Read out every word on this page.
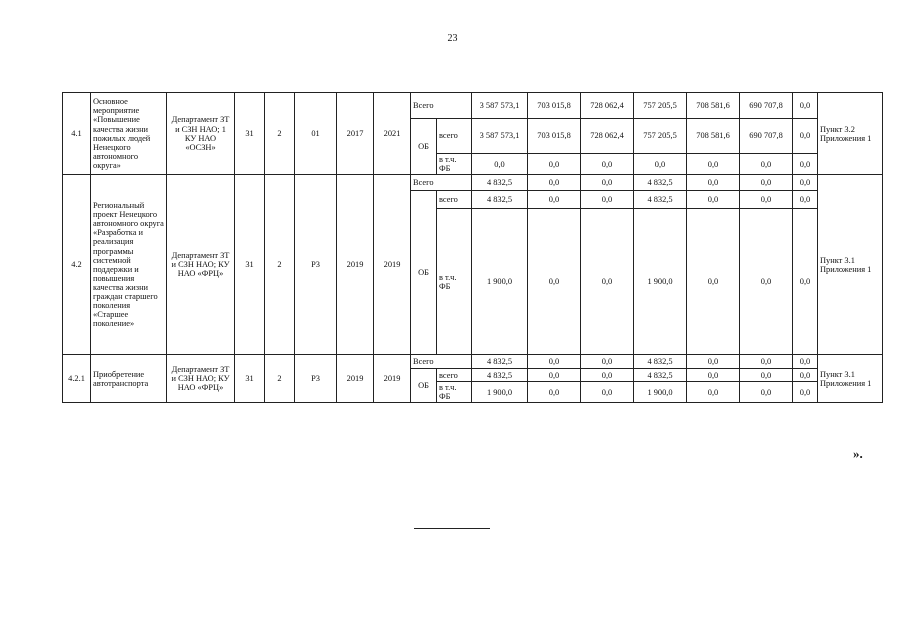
23
4.1	Основное мероприятие «Повышение качества жизни пожилых людей Ненецкого автономного округа»	Департамент ЗТ и СЗН НАО; 1 КУ НАО «ОСЗН»	31	2	01	2017	2021	Всего		3 587 573,1	703 015,8	728 062,4	757 205,5	708 581,6	690 707,8	0,0	Пункт 3.2 Приложения 1
								ОБ	всего	3 587 573,1	703 015,8	728 062,4	757 205,5	708 581,6	690 707,8	0,0	
									в т.ч. ФБ	0,0	0,0	0,0	0,0	0,0	0,0	0,0	
4.2	Региональный проект Ненецкого автономного округа «Разработка и реализация программы системной поддержки и повышения качества жизни граждан старшего поколения «Старшее поколение»	Департамент ЗТ и СЗН НАО; КУ НАО «ФРЦ»	31	2	Р3	2019	2019	Всего		4 832,5	0,0	0,0	4 832,5	0,0	0,0	0,0	Пункт 3.1 Приложения 1
								ОБ	всего	4 832,5	0,0	0,0	4 832,5	0,0	0,0	0,0	
									в т.ч. ФБ	1 900,0	0,0	0,0	1 900,0	0,0	0,0	0,0	
4.2.1	Приобретение автотранспорта	Департамент ЗТ и СЗН НАО; КУ НАО «ФРЦ»	31	2	Р3	2019	2019	Всего		4 832,5	0,0	0,0	4 832,5	0,0	0,0	0,0	Пункт 3.1 Приложения 1
								ОБ	всего	4 832,5	0,0	0,0	4 832,5	0,0	0,0	0,0	
									в т.ч. ФБ	1 900,0	0,0	0,0	1 900,0	0,0	0,0	0,0	
».
